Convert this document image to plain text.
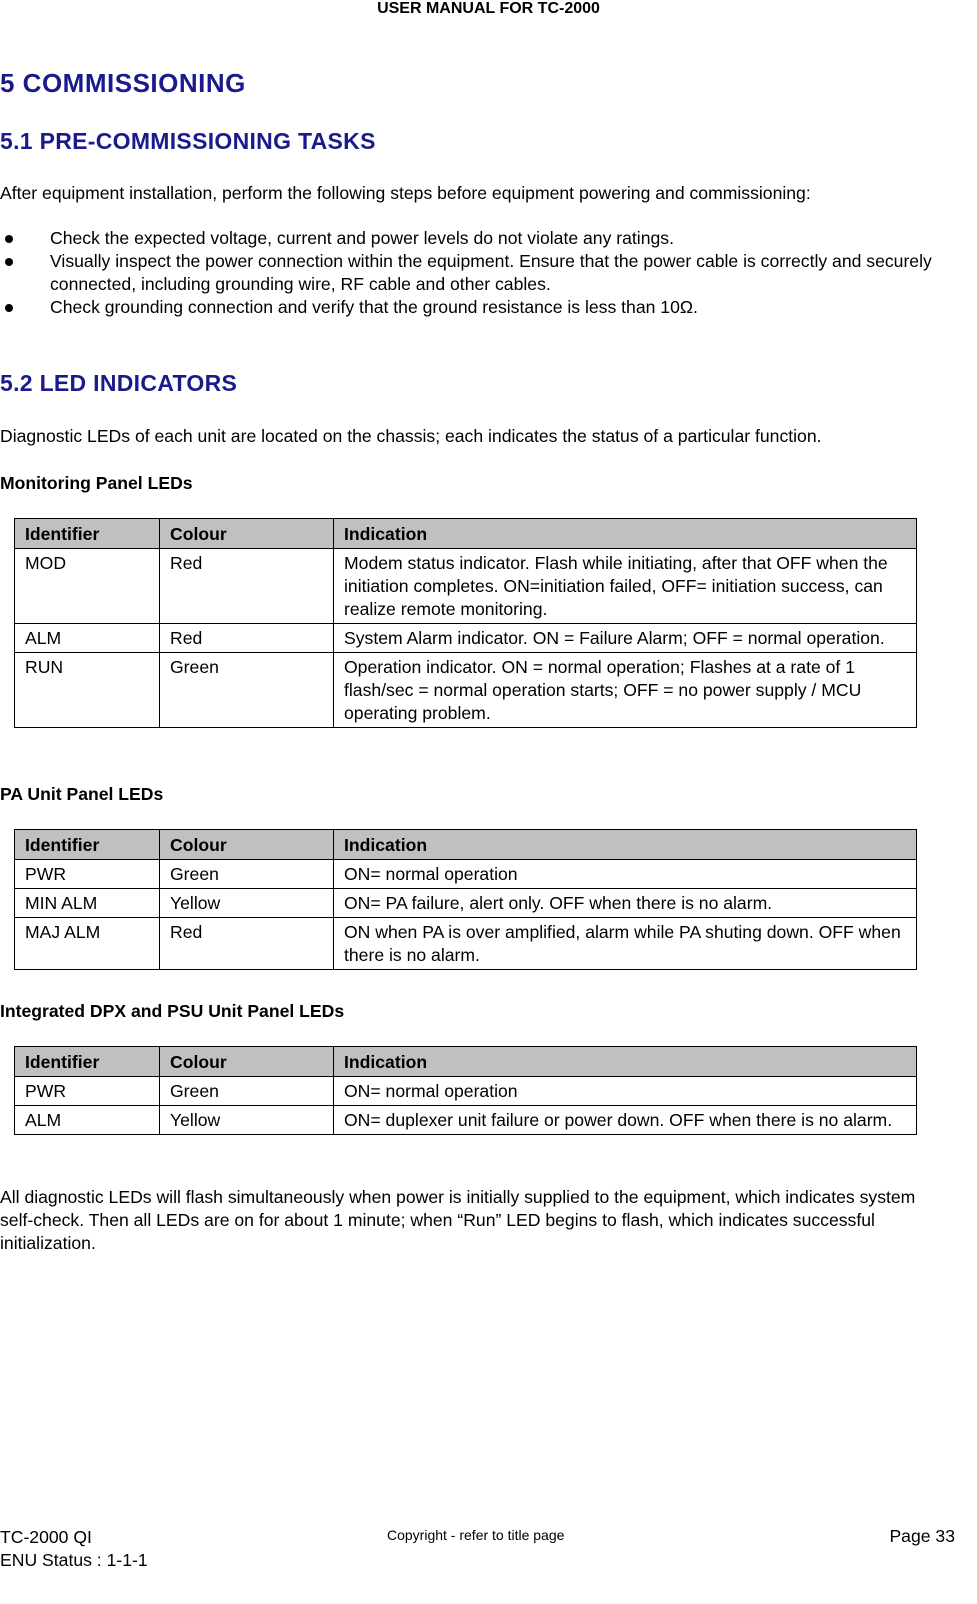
USER MANUAL FOR TC-2000
5 COMMISSIONING
5.1 PRE-COMMISSIONING TASKS
After equipment installation, perform the following steps before equipment powering and commissioning:
Check the expected voltage, current and power levels do not violate any ratings.
Visually inspect the power connection within the equipment. Ensure that the power cable is correctly and securely connected, including grounding wire, RF cable and other cables.
Check grounding connection and verify that the ground resistance is less than 10Ω.
5.2 LED INDICATORS
Diagnostic LEDs of each unit are located on the chassis; each indicates the status of a particular function.
Monitoring Panel LEDs
Identifier	Colour	Indication
MOD	Red	Modem status indicator. Flash while initiating, after that OFF when the initiation completes. ON=initiation failed, OFF= initiation success, can realize remote monitoring.
ALM	Red	System Alarm indicator. ON = Failure Alarm; OFF = normal operation.
RUN	Green	Operation indicator. ON = normal operation; Flashes at a rate of 1 flash/sec = normal operation starts; OFF = no power supply / MCU operating problem.
PA Unit Panel LEDs
Identifier	Colour	Indication
PWR	Green	ON= normal operation
MIN ALM	Yellow	ON= PA failure, alert only. OFF when there is no alarm.
MAJ ALM	Red	ON when PA is over amplified, alarm while PA shuting down. OFF when there is no alarm.
Integrated DPX and PSU Unit Panel LEDs
Identifier	Colour	Indication
PWR	Green	ON= normal operation
ALM	Yellow	ON= duplexer unit failure or power down. OFF when there is no alarm.
All diagnostic LEDs will flash simultaneously when power is initially supplied to the equipment, which indicates system self-check. Then all LEDs are on for about 1 minute; when “Run” LED begins to flash, which indicates successful initialization.
TC-2000 QI
ENU Status : 1-1-1
Copyright - refer to title page	Page 33
